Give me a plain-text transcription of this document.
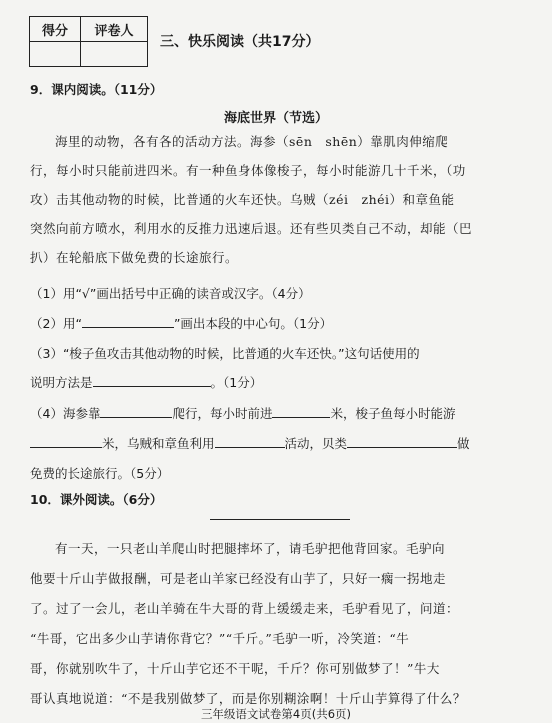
得分	评卷人

三、快乐阅读（共17分）
9．课内阅读。（11分）
海底世界（节选）
海里的动物，各有各的活动方法。海参（sēn　shēn）靠肌肉伸缩爬
行，每小时只能前进四米。有一种鱼身体像梭子，每小时能游几十千米，（功
攻）击其他动物的时候，比普通的火车还快。乌贼（zéi　zhéi）和章鱼能
突然向前方喷水，利用水的反推力迅速后退。还有些贝类自己不动，却能（巴
扒）在轮船底下做免费的长途旅行。
（1）用“√”画出括号中正确的读音或汉字。（4分）
（2）用“	”画出本段的中心句。（1分）
（3）“梭子鱼攻击其他动物的时候，比普通的火车还快。”这句话使用的
说明方法是	。（1分）
（4）海参靠	爬行，每小时前进	米，梭子鱼每小时能游
米，乌贼和章鱼利用	活动，贝类	做
免费的长途旅行。（5分）
10．课外阅读。（6分）
有一天，一只老山羊爬山时把腿摔坏了，请毛驴把他背回家。毛驴向
他要十斤山芋做报酬，可是老山羊家已经没有山芋了，只好一瘸一拐地走
了。过了一会儿，老山羊骑在牛大哥的背上缓缓走来，毛驴看见了，问道：
“牛哥，它出多少山芋请你背它？”“千斤。”毛驴一听，冷笑道：“牛
哥，你就别吹牛了，十斤山芋它还不干呢，千斤？你可别做梦了！”牛大
哥认真地说道：“不是我别做梦了，而是你别糊涂啊！十斤山芋算得了什么？
三年级语文试卷第4页(共6页)
